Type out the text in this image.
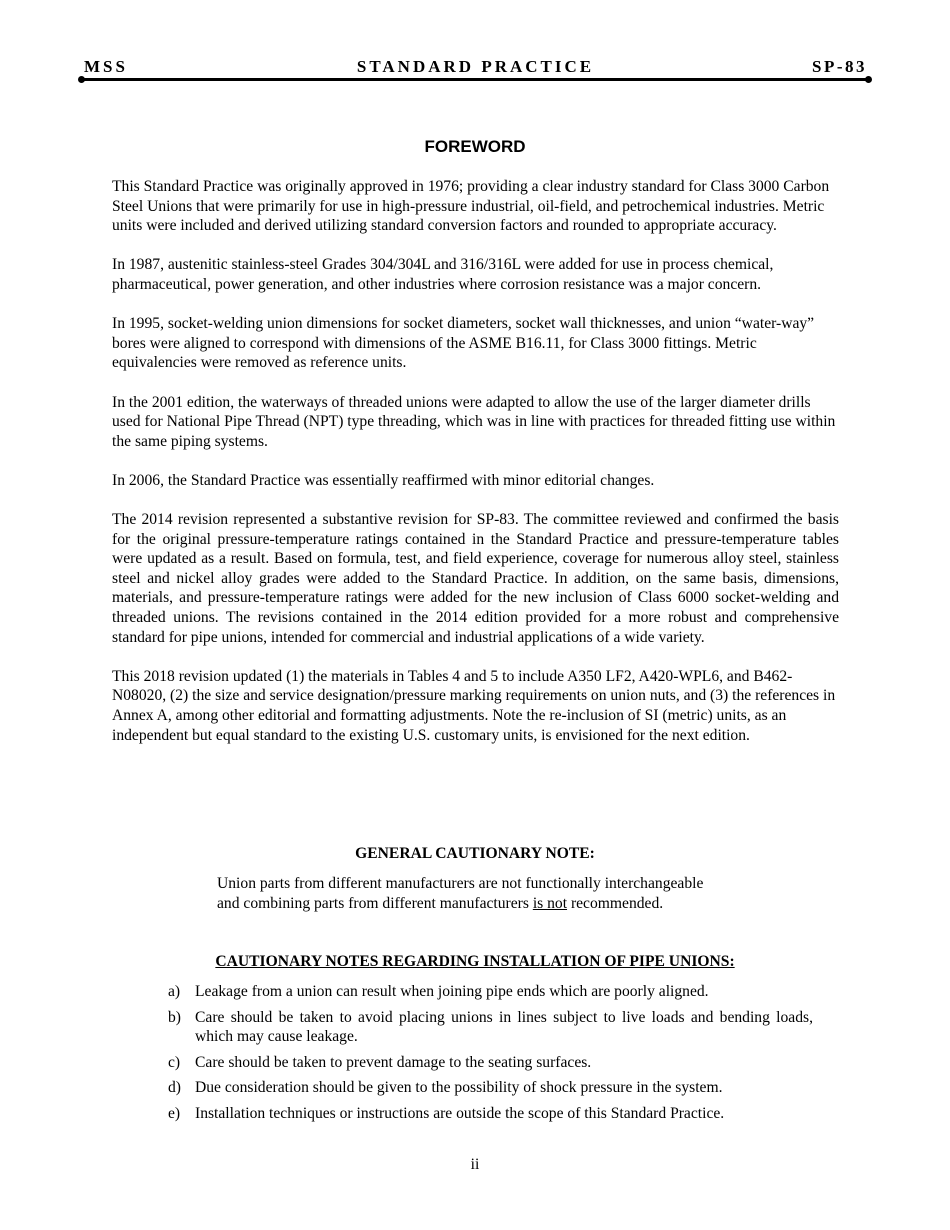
MSS	STANDARD PRACTICE	SP-83
FOREWORD

This Standard Practice was originally approved in 1976; providing a clear industry standard for Class 3000 Carbon Steel Unions that were primarily for use in high-pressure industrial, oil-field, and petrochemical industries. Metric units were included and derived utilizing standard conversion factors and rounded to appropriate accuracy.

In 1987, austenitic stainless-steel Grades 304/304L and 316/316L were added for use in process chemical, pharmaceutical, power generation, and other industries where corrosion resistance was a major concern.

In 1995, socket-welding union dimensions for socket diameters, socket wall thicknesses, and union “water-way” bores were aligned to correspond with dimensions of the ASME B16.11, for Class 3000 fittings. Metric equivalencies were removed as reference units.

In the 2001 edition, the waterways of threaded unions were adapted to allow the use of the larger diameter drills used for National Pipe Thread (NPT) type threading, which was in line with practices for threaded fitting use within the same piping systems.

In 2006, the Standard Practice was essentially reaffirmed with minor editorial changes.

The 2014 revision represented a substantive revision for SP-83. The committee reviewed and confirmed the basis for the original pressure-temperature ratings contained in the Standard Practice and pressure-temperature tables were updated as a result. Based on formula, test, and field experience, coverage for numerous alloy steel, stainless steel and nickel alloy grades were added to the Standard Practice. In addition, on the same basis, dimensions, materials, and pressure-temperature ratings were added for the new inclusion of Class 6000 socket-welding and threaded unions. The revisions contained in the 2014 edition provided for a more robust and comprehensive standard for pipe unions, intended for commercial and industrial applications of a wide variety.

This 2018 revision updated (1) the materials in Tables 4 and 5 to include A350 LF2, A420-WPL6, and B462-N08020, (2) the size and service designation/pressure marking requirements on union nuts, and (3) the references in Annex A, among other editorial and formatting adjustments. Note the re-inclusion of SI (metric) units, as an independent but equal standard to the existing U.S. customary units, is envisioned for the next edition.

GENERAL CAUTIONARY NOTE:
Union parts from different manufacturers are not functionally interchangeable
and combining parts from different manufacturers is not recommended.
CAUTIONARY NOTES REGARDING INSTALLATION OF PIPE UNIONS:
a) Leakage from a union can result when joining pipe ends which are poorly aligned.
b) Care should be taken to avoid placing unions in lines subject to live loads and bending loads, which may cause leakage.
c) Care should be taken to prevent damage to the seating surfaces.
d) Due consideration should be given to the possibility of shock pressure in the system.
e) Installation techniques or instructions are outside the scope of this Standard Practice.
ii
